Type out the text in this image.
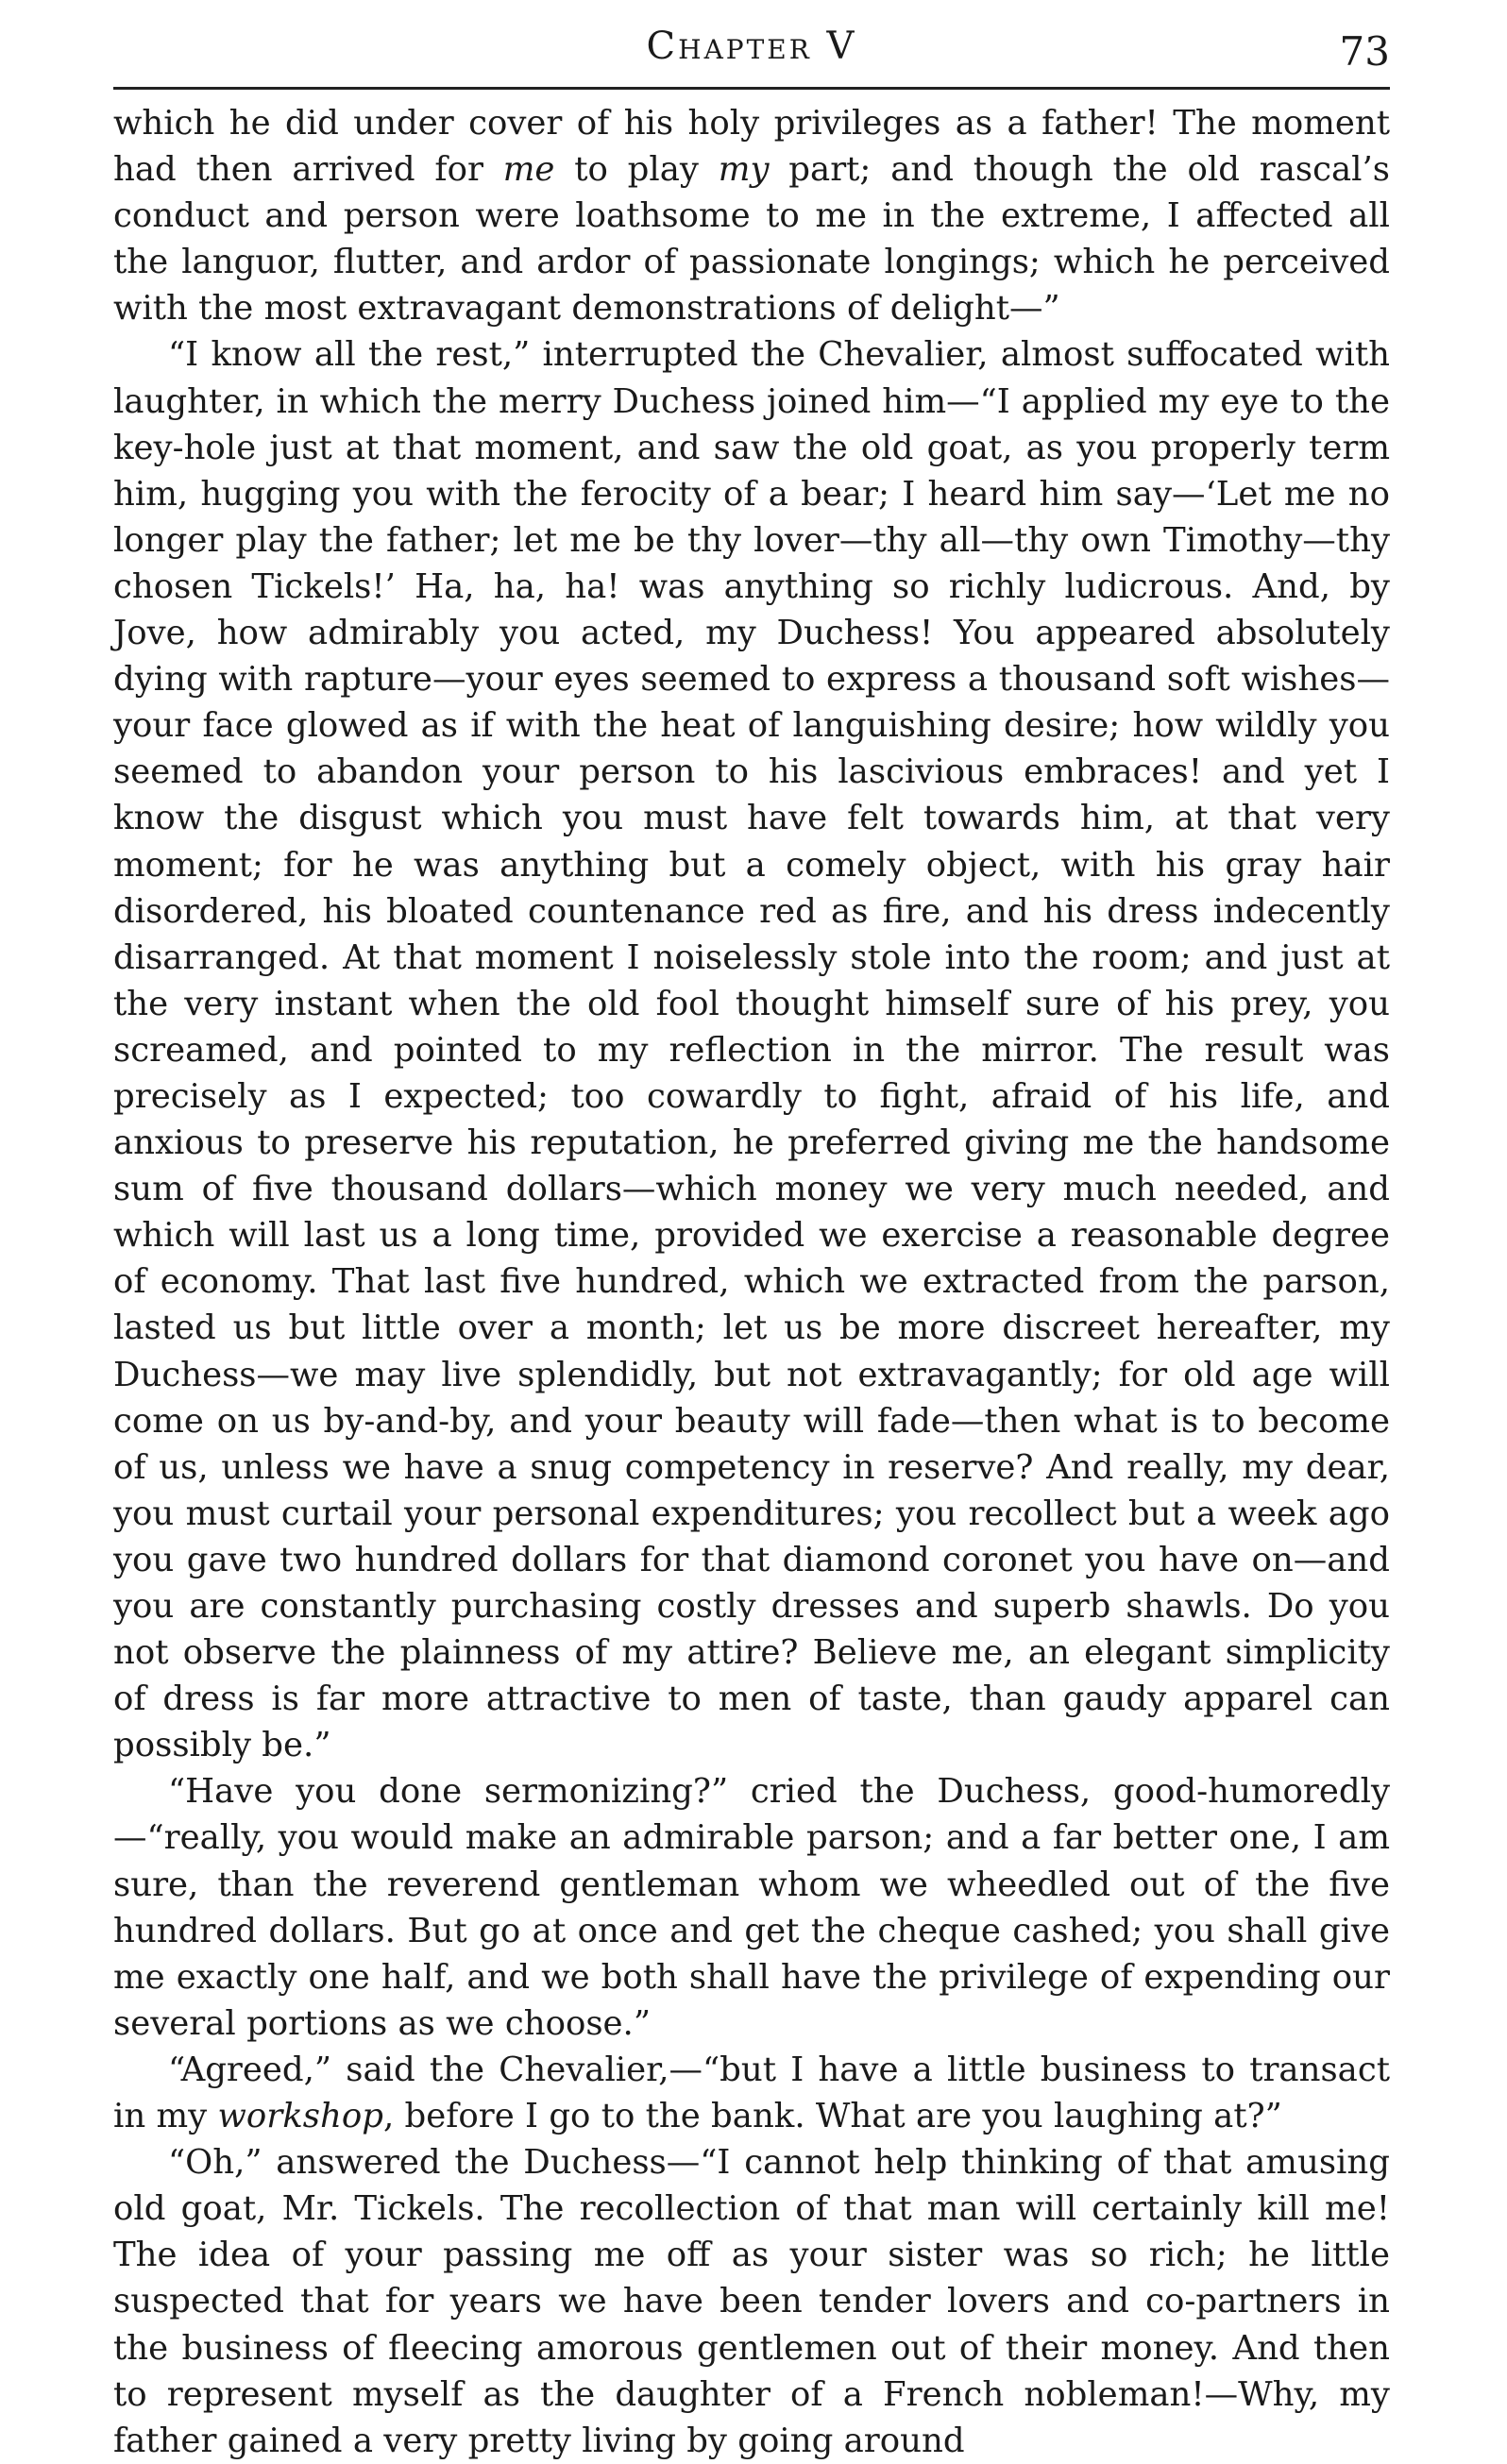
Chapter V	73

which he did under cover of his holy privileges as a father! The moment had then arrived for me to play my part; and though the old rascal’s conduct and person were loathsome to me in the extreme, I affected all the languor, flutter, and ardor of passionate longings; which he perceived with the most extravagant demonstrations of delight—”

“I know all the rest,” interrupted the Chevalier, almost suffocated with laughter, in which the merry Duchess joined him—“I applied my eye to the key-hole just at that moment, and saw the old goat, as you properly term him, hugging you with the ferocity of a bear; I heard him say—‘Let me no longer play the father; let me be thy lover—thy all—thy own Timothy—thy chosen Tickels!’ Ha, ha, ha! was anything so richly ludicrous. And, by Jove, how admirably you acted, my Duchess! You appeared absolutely dying with rapture—your eyes seemed to express a thousand soft wishes—your face glowed as if with the heat of languishing desire; how wildly you seemed to abandon your person to his lascivious embraces! and yet I know the disgust which you must have felt towards him, at that very moment; for he was anything but a comely object, with his gray hair disordered, his bloated countenance red as fire, and his dress indecently disarranged. At that moment I noiselessly stole into the room; and just at the very instant when the old fool thought himself sure of his prey, you screamed, and pointed to my reflection in the mirror. The result was precisely as I expected; too cowardly to fight, afraid of his life, and anxious to preserve his reputation, he preferred giving me the handsome sum of five thousand dollars—which money we very much needed, and which will last us a long time, provided we exercise a reasonable degree of economy. That last five hundred, which we extracted from the parson, lasted us but little over a month; let us be more discreet hereafter, my Duchess—we may live splendidly, but not extravagantly; for old age will come on us by-and-by, and your beauty will fade—then what is to become of us, unless we have a snug competency in reserve? And really, my dear, you must curtail your personal expenditures; you recollect but a week ago you gave two hundred dollars for that diamond coronet you have on—and you are constantly purchasing costly dresses and superb shawls. Do you not observe the plainness of my attire? Believe me, an elegant simplicity of dress is far more attractive to men of taste, than gaudy apparel can possibly be.”

“Have you done sermonizing?” cried the Duchess, good-humoredly—“really, you would make an admirable parson; and a far better one, I am sure, than the reverend gentleman whom we wheedled out of the five hundred dollars. But go at once and get the cheque cashed; you shall give me exactly one half, and we both shall have the privilege of expending our several portions as we choose.”

“Agreed,” said the Chevalier,—“but I have a little business to transact in my workshop, before I go to the bank. What are you laughing at?”

“Oh,” answered the Duchess—“I cannot help thinking of that amusing old goat, Mr. Tickels. The recollection of that man will certainly kill me! The idea of your passing me off as your sister was so rich; he little suspected that for years we have been tender lovers and co-partners in the business of fleecing amorous gentlemen out of their money. And then to represent myself as the daughter of a French nobleman!—Why, my father gained a very pretty living by going around
